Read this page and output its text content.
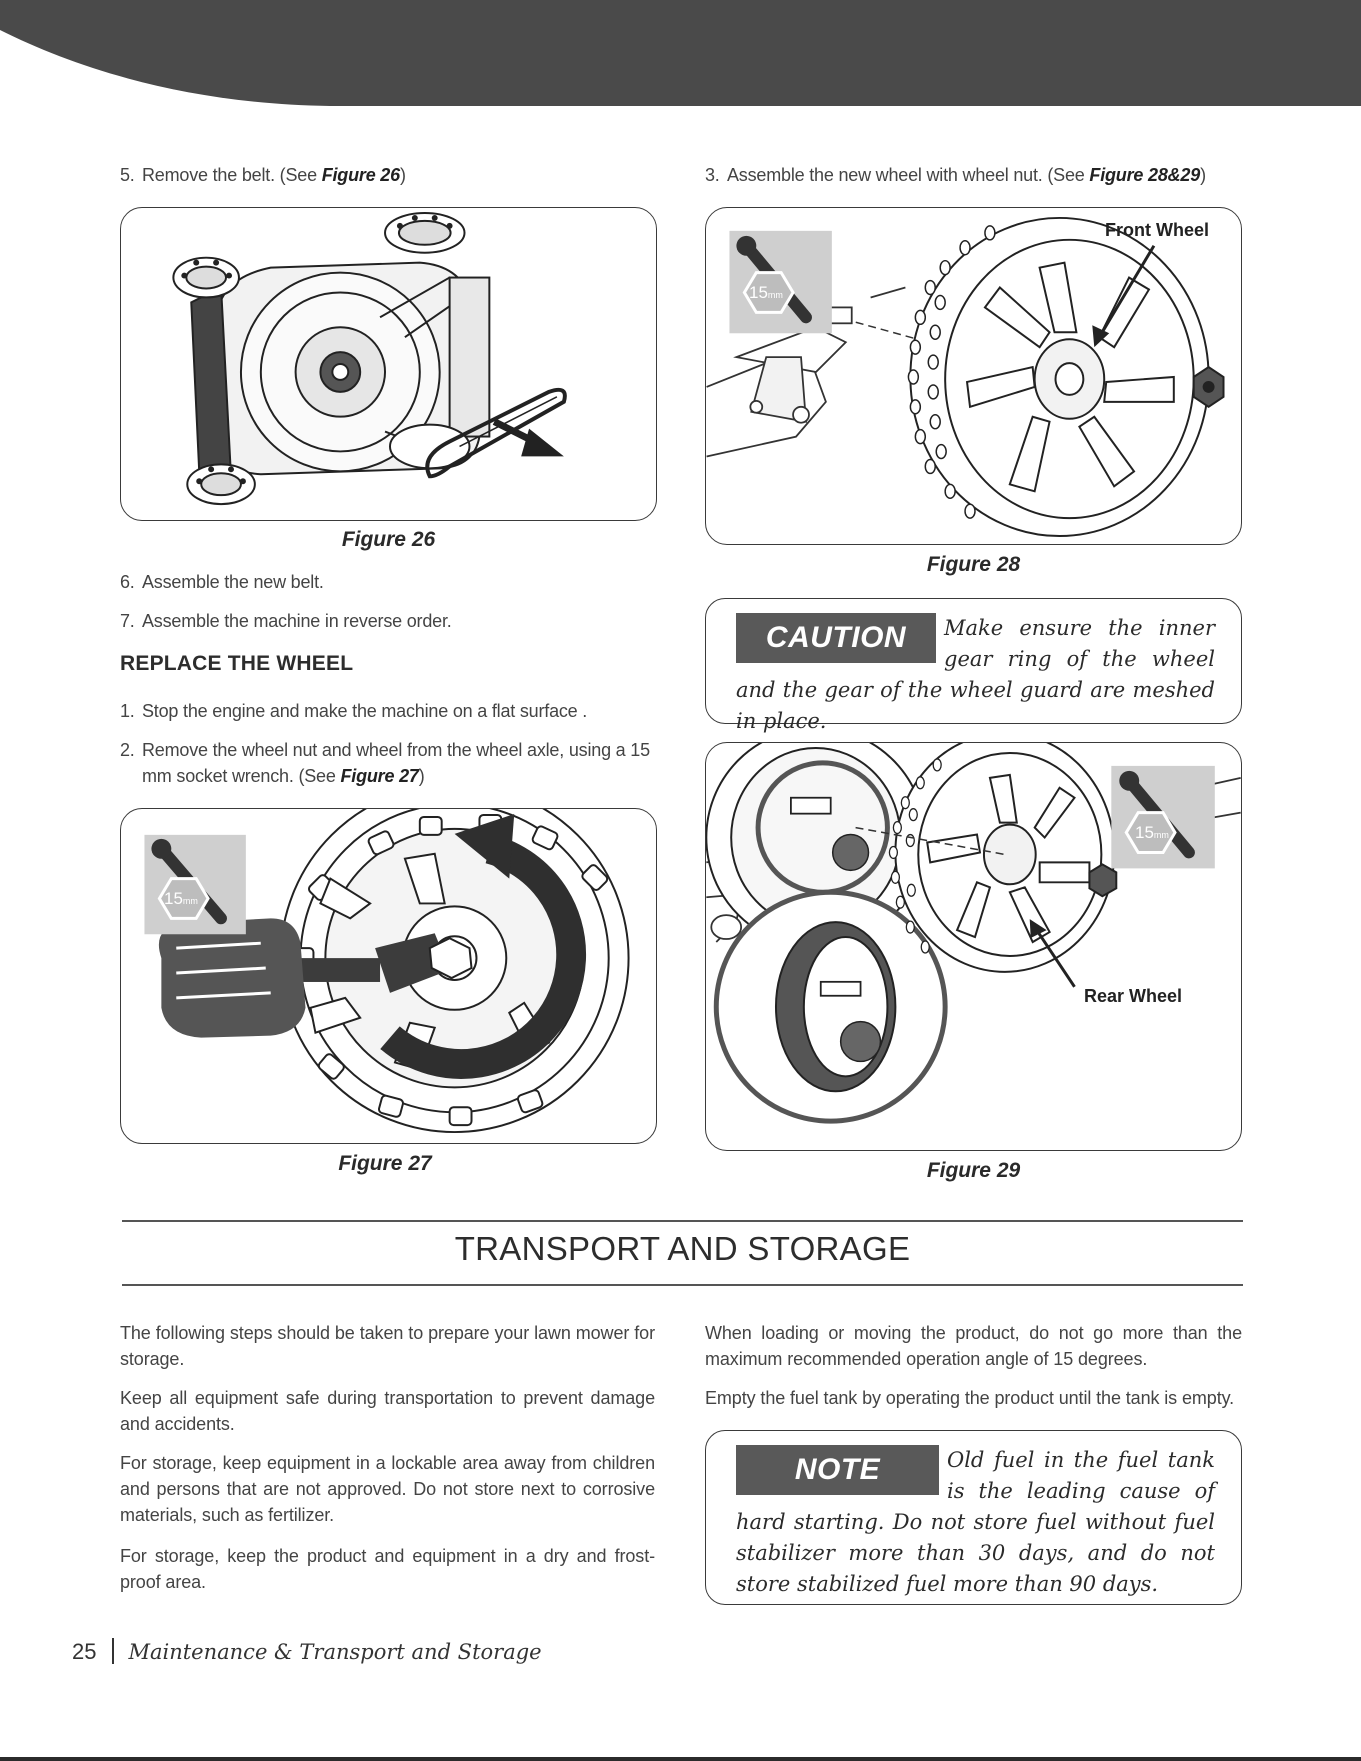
5. Remove the belt. (See Figure 26)
Figure 26
6. Assemble the new belt.
7. Assemble the machine in reverse order.
REPLACE THE WHEEL
1. Stop the engine and make the machine on a flat surface .
2. Remove the wheel nut and wheel from the wheel axle, using a 15
mm socket wrench. (See Figure 27)
15mm
Figure 27
3. Assemble the new wheel with wheel nut. (See Figure 28&29)
Front Wheel
15mm
Figure 28
CAUTION	Make ensure the inner gear ring of the wheel and the gear of the wheel guard are meshed in place.
Rear Wheel
15mm
Figure 29
TRANSPORT AND STORAGE
The following steps should be taken to prepare your lawn mower for storage.
Keep all equipment safe during transportation to prevent damage and accidents.
For storage, keep equipment in a lockable area away from children and persons that are not approved. Do not store next to corrosive materials, such as fertilizer.
For storage, keep the product and equipment in a dry and frost-proof area.
When loading or moving the product, do not go more than the maximum recommended operation angle of 15 degrees.
Empty the fuel tank by operating the product until the tank is empty.
NOTE	Old fuel in the fuel tank is the leading cause of hard starting. Do not store fuel without fuel stabilizer more than 30 days, and do not store stabilized fuel more than 90 days.
25 Maintenance & Transport and Storage
